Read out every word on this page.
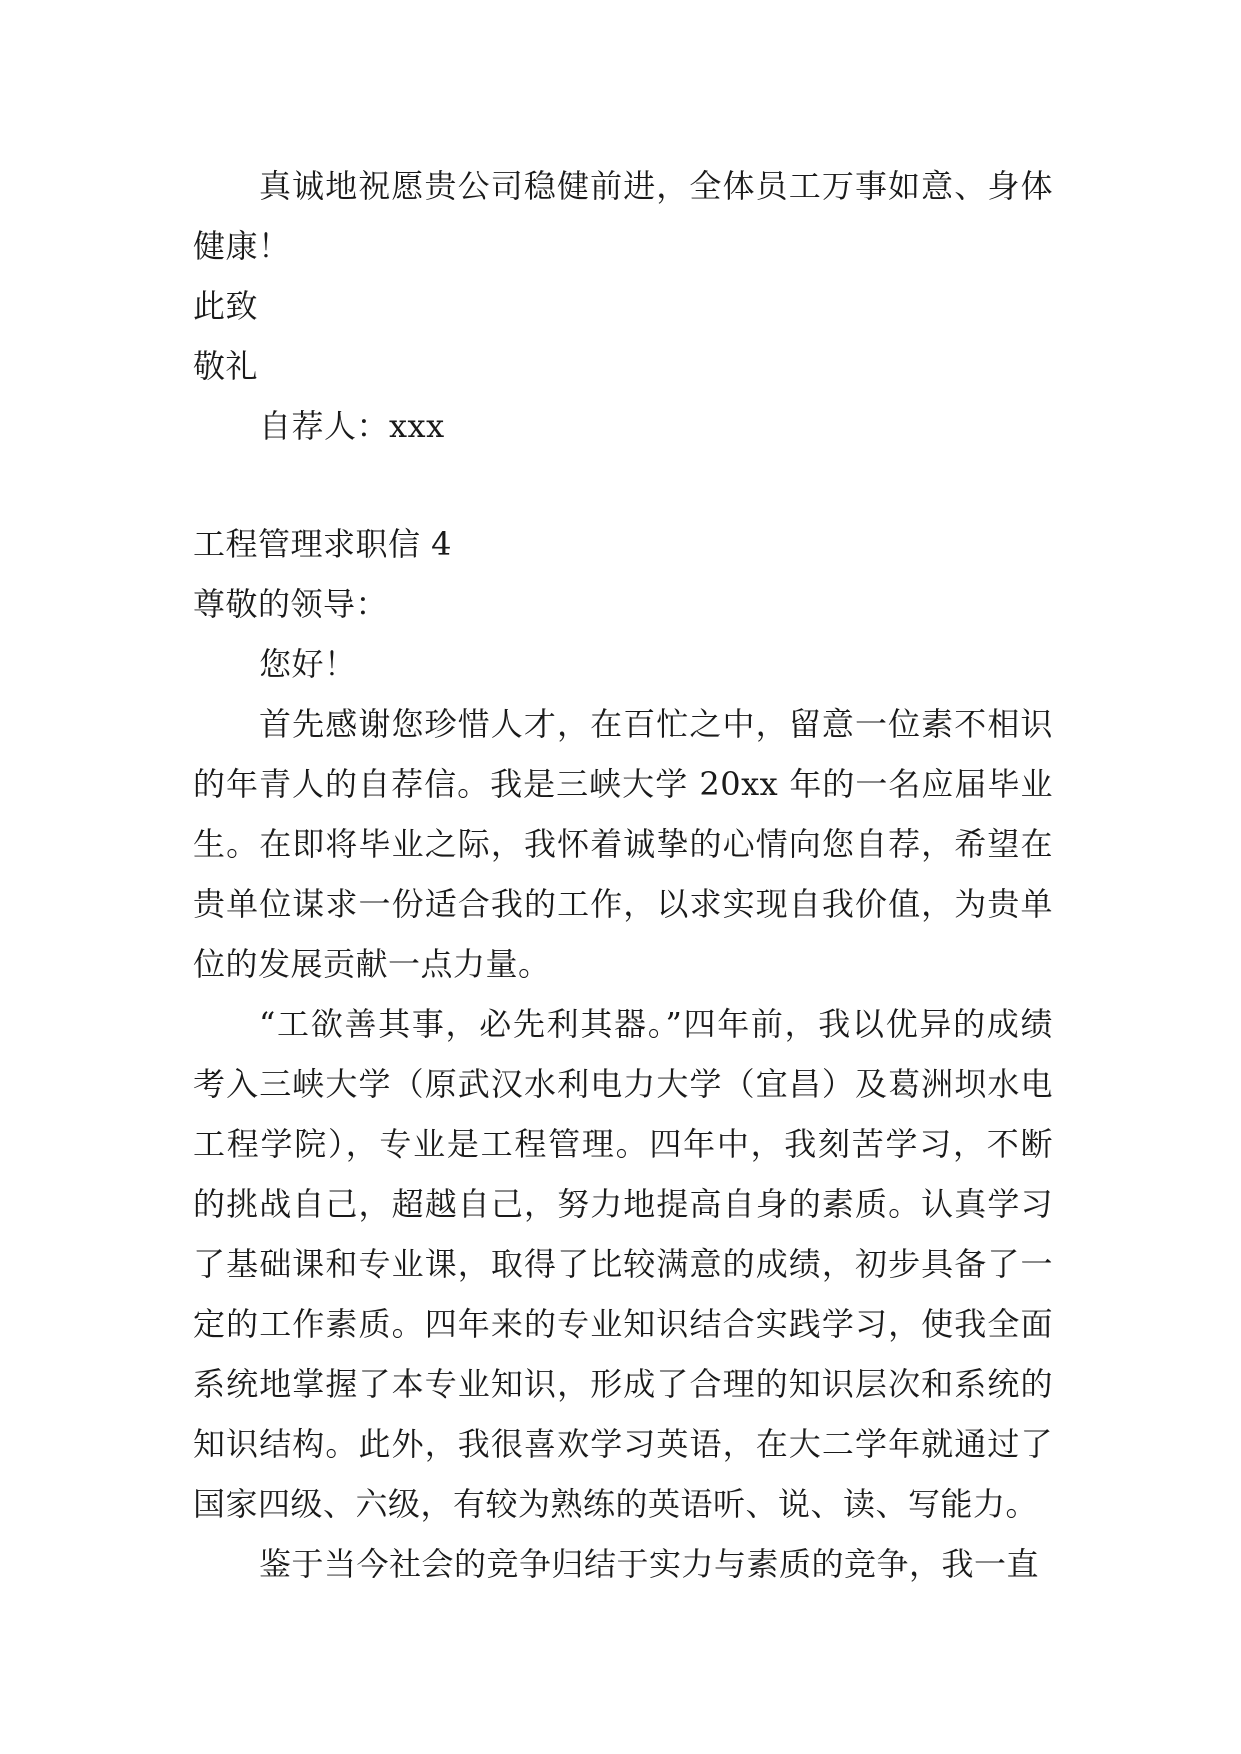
真诚地祝愿贵公司稳健前进，全体员工万事如意、身体健康！
此致
敬礼
自荐人：xxx
工程管理求职信 4
尊敬的领导：
您好！
首先感谢您珍惜人才，在百忙之中，留意一位素不相识的年青人的自荐信。我是三峡大学 20xx 年的一名应届毕业生。在即将毕业之际，我怀着诚挚的心情向您自荐，希望在贵单位谋求一份适合我的工作，以求实现自我价值，为贵单位的发展贡献一点力量。
“工欲善其事，必先利其器。”四年前，我以优异的成绩考入三峡大学（原武汉水利电力大学（宜昌）及葛洲坝水电工程学院），专业是工程管理。四年中，我刻苦学习，不断的挑战自己，超越自己，努力地提高自身的素质。认真学习了基础课和专业课，取得了比较满意的成绩，初步具备了一定的工作素质。四年来的专业知识结合实践学习，使我全面系统地掌握了本专业知识，形成了合理的知识层次和系统的知识结构。此外，我很喜欢学习英语，在大二学年就通过了国家四级、六级，有较为熟练的英语听、说、读、写能力。
鉴于当今社会的竞争归结于实力与素质的竞争，我一直
